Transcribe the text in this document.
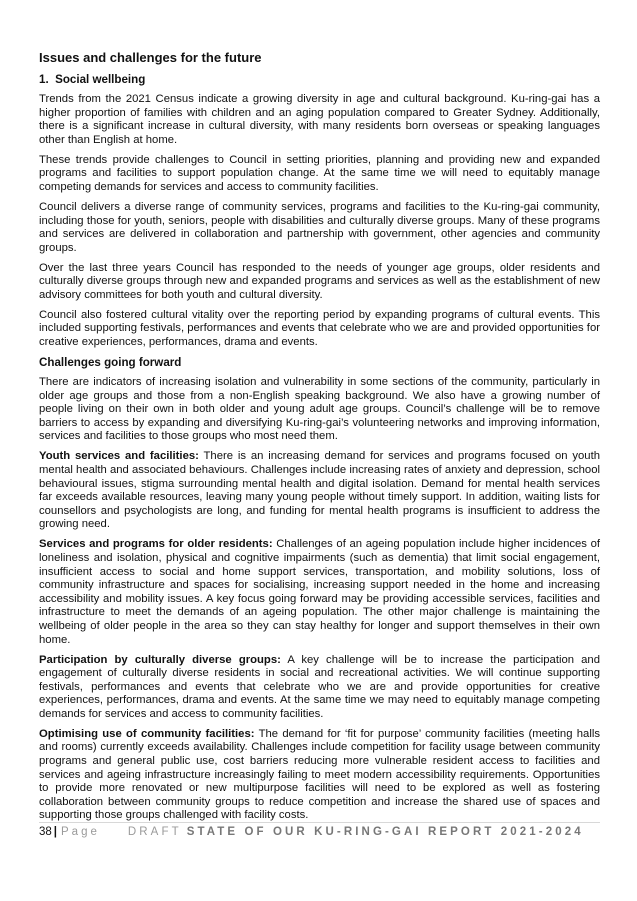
Issues and challenges for the future
1.  Social wellbeing

Trends from the 2021 Census indicate a growing diversity in age and cultural background. Ku-ring-gai has a higher proportion of families with children and an aging population compared to Greater Sydney. Additionally, there is a significant increase in cultural diversity, with many residents born overseas or speaking languages other than English at home.

These trends provide challenges to Council in setting priorities, planning and providing new and expanded programs and facilities to support population change. At the same time we will need to equitably manage competing demands for services and access to community facilities.

Council delivers a diverse range of community services, programs and facilities to the Ku-ring-gai community, including those for youth, seniors, people with disabilities and culturally diverse groups. Many of these programs and services are delivered in collaboration and partnership with government, other agencies and community groups.

Over the last three years Council has responded to the needs of younger age groups, older residents and culturally diverse groups through new and expanded programs and services as well as the establishment of new advisory committees for both youth and cultural diversity.

Council also fostered cultural vitality over the reporting period by expanding programs of cultural events. This included supporting festivals, performances and events that celebrate who we are and provided opportunities for creative experiences, performances, drama and events.

Challenges going forward

There are indicators of increasing isolation and vulnerability in some sections of the community, particularly in older age groups and those from a non-English speaking background. We also have a growing number of people living on their own in both older and young adult age groups. Council’s challenge will be to remove barriers to access by expanding and diversifying Ku-ring-gai’s volunteering networks and improving information, services and facilities to those groups who most need them.

Youth services and facilities: There is an increasing demand for services and programs focused on youth mental health and associated behaviours. Challenges include increasing rates of anxiety and depression, school behavioural issues, stigma surrounding mental health and digital isolation. Demand for mental health services far exceeds available resources, leaving many young people without timely support. In addition, waiting lists for counsellors and psychologists are long, and funding for mental health programs is insufficient to address the growing need.

Services and programs for older residents: Challenges of an ageing population include higher incidences of loneliness and isolation, physical and cognitive impairments (such as dementia) that limit social engagement, insufficient access to social and home support services, transportation, and mobility solutions, loss of community infrastructure and spaces for socialising, increasing support needed in the home and increasing accessibility and mobility issues. A key focus going forward may be providing accessible services, facilities and infrastructure to meet the demands of an ageing population. The other major challenge is maintaining the wellbeing of older people in the area so they can stay healthy for longer and support themselves in their own home.

Participation by culturally diverse groups: A key challenge will be to increase the participation and engagement of culturally diverse residents in social and recreational activities. We will continue supporting festivals, performances and events that celebrate who we are and provide opportunities for creative experiences, performances, drama and events. At the same time we may need to equitably manage competing demands for services and access to community facilities.

Optimising use of community facilities: The demand for ‘fit for purpose’ community facilities (meeting halls and rooms) currently exceeds availability. Challenges include competition for facility usage between community programs and general public use, cost barriers reducing more vulnerable resident access to facilities and services and ageing infrastructure increasingly failing to meet modern accessibility requirements. Opportunities to provide more renovated or new multipurpose facilities will need to be explored as well as fostering collaboration between community groups to reduce competition and increase the shared use of spaces and supporting those groups challenged with facility costs.

38 | Page DRAFT STATE OF OUR KU-RING-GAI REPORT 2021-2024
